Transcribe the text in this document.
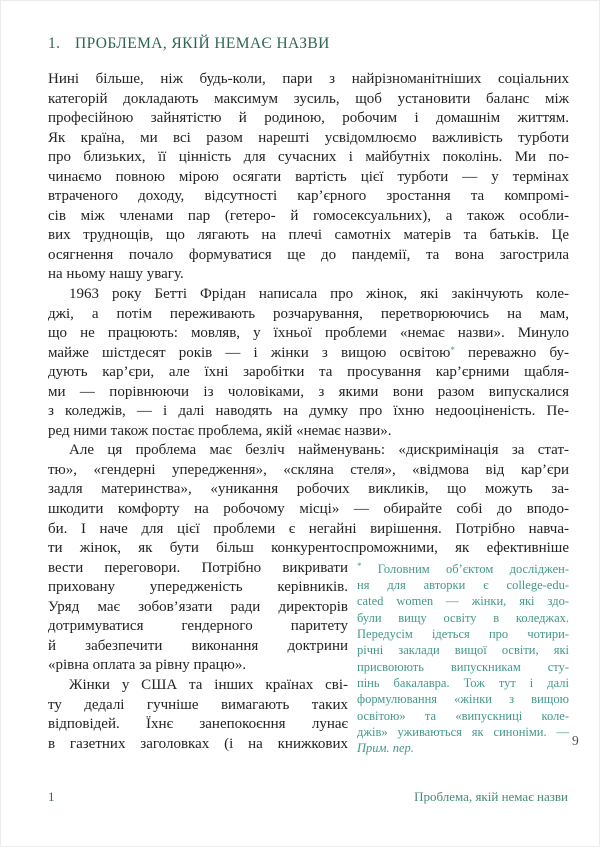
1. ПРОБЛЕМА, ЯКІЙ НЕМАЄ НАЗВИ
Нині більше, ніж будь-коли, пари з найрізноманітніших соціальних
категорій докладають максимум зусиль, щоб установити баланс між
професійною зайнятістю й родиною, робочим і домашнім життям.
Як країна, ми всі разом нарешті усвідомлюємо важливість турботи
про близьких, її цінність для сучасних і майбутніх поколінь. Ми по-
чинаємо повною мірою осягати вартість цієї турботи — у термінах
втраченого доходу, відсутності кар’єрного зростання та компромі-
сів між членами пар (гетеро- й гомосексуальних), а також особли-
вих труднощів, що лягають на плечі самотніх матерів та батьків. Це
осягнення почало формуватися ще до пандемії, та вона загострила
на ньому нашу увагу.
1963 року Бетті Фрідан написала про жінок, які закінчують коле-
джі, а потім переживають розчарування, перетворюючись на мам,
що не працюють: мовляв, у їхньої проблеми «немає назви». Минуло
майже шістдесят років — і жінки з вищою освітою* переважно бу-
дують кар’єри, але їхні заробітки та просування кар’єрними щабля-
ми — порівнюючи із чоловіками, з якими вони разом випускалися
з коледжів, — і далі наводять на думку про їхню недооціненість. Пе-
ред ними також постає проблема, якій «немає назви».
Але ця проблема має безліч найменувань: «дискримінація за стат-
тю», «гендерні упередження», «скляна стеля», «відмова від кар’єри
задля материнства», «уникання робочих викликів, що можуть за-
шкодити комфорту на робочому місці» — обирайте собі до вподо-
би. І наче для цієї проблеми є негайні вирішення. Потрібно навча-
ти жінок, як бути більш конкурентоспроможними, як ефективніше
вести переговори. Потрібно викривати
приховану упередженість керівників.
Уряд має зобов’язати ради директорів
дотримуватися гендерного паритету
й забезпечити виконання доктрини
«рівна оплата за рівну працю».
Жінки у США та інших країнах сві-
ту дедалі гучніше вимагають таких
відповідей. Їхнє занепокоєння лунає
в газетних заголовках (і на книжкових
* Головним об’єктом досліджен-
ня для авторки є college-edu-
cated women — жінки, які здо-
були вищу освіту в коледжах.
Передусім ідеться про чотири-
річні заклади вищої освіти, які
присвоюють випускникам сту-
пінь бакалавра. Тож тут і далі
формулювання «жінки з вищою
освітою» та «випускниці коле-
джів» уживаються як синоніми. —
Прим. пер.
9
1	Проблема, якій немає назви
